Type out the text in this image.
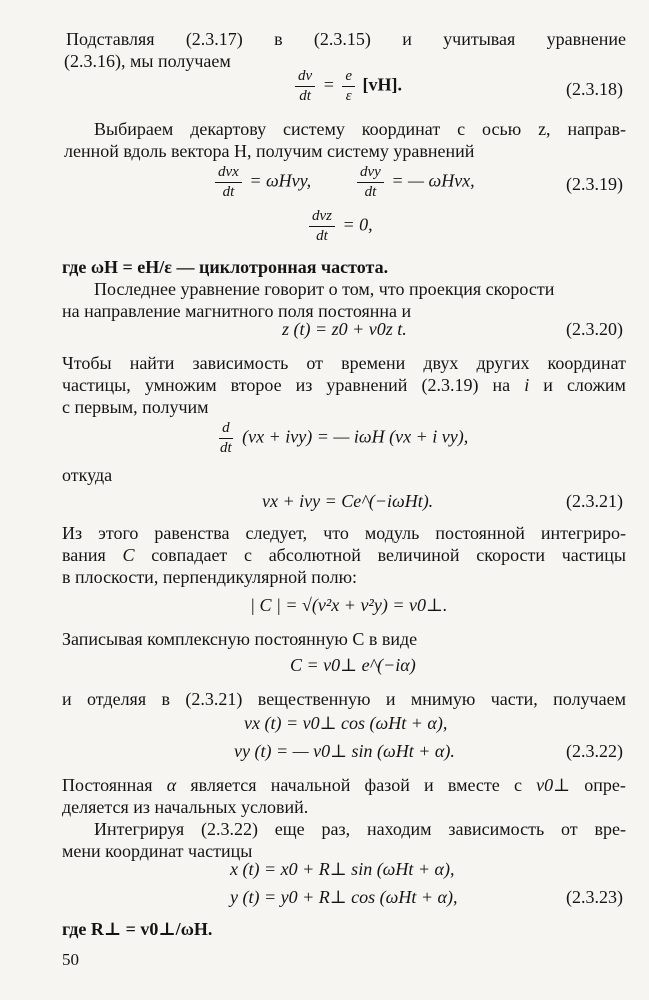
Подставляя (2.3.17) в (2.3.15) и учитывая уравнение
(2.3.16), мы получаем
$\frac{dv}{dt} = \frac{e}{\varepsilon} [vH]$.	(2.3.18)
Выбираем декартову систему координат с осью z, направ-
ленной вдоль вектора H, получим систему уравнений
$\frac{\text{dvx}}{dt} = \omega Hvy$,	$\frac{\text{dvy}}{dt}$ = — ωHvx,	(2.3.19)
$\frac{\text{dvz}}{dt} = 0$,
где ωH = eH/ε — циклотронная частота.
Последнее уравнение говорит о том, что проекция скорости
на направление магнитного поля постоянна и
z (t) = z0 + v0z t.	(2.3.20)
Чтобы найти зависимость от времени двух других координат
частицы, умножим второе из уравнений (2.3.19) на i и сложим
с первым, получим
$\frac{d}{dt} (vx + ivy)$ = — iωH (vx + i vy),
откуда
vx + ivy = Ce^(−iωHt).	(2.3.21)
Из этого равенства следует, что модуль постоянной интегриро-
вания C совпадает с абсолютной величиной скорости частицы
в плоскости, перпендикулярной полю:
| C | = √(v²x + v²y) = v0⊥.
Записывая комплексную постоянную C в виде
C = v0⊥ e^(−iα)
и отделяя в (2.3.21) вещественную и мнимую части, получаем
vx (t) = v0⊥ cos (ωHt + α),
vy (t) = — v0⊥ sin (ωHt + α).	(2.3.22)
Постоянная α является начальной фазой и вместе с v0⊥ опре-
деляется из начальных условий.
Интегрируя (2.3.22) еще раз, находим зависимость от вре-
мени координат частицы
x (t) = x0 + R⊥ sin (ωHt + α),
y (t) = y0 + R⊥ cos (ωHt + α),	(2.3.23)
где R⊥ = v0⊥/ωH.
50
